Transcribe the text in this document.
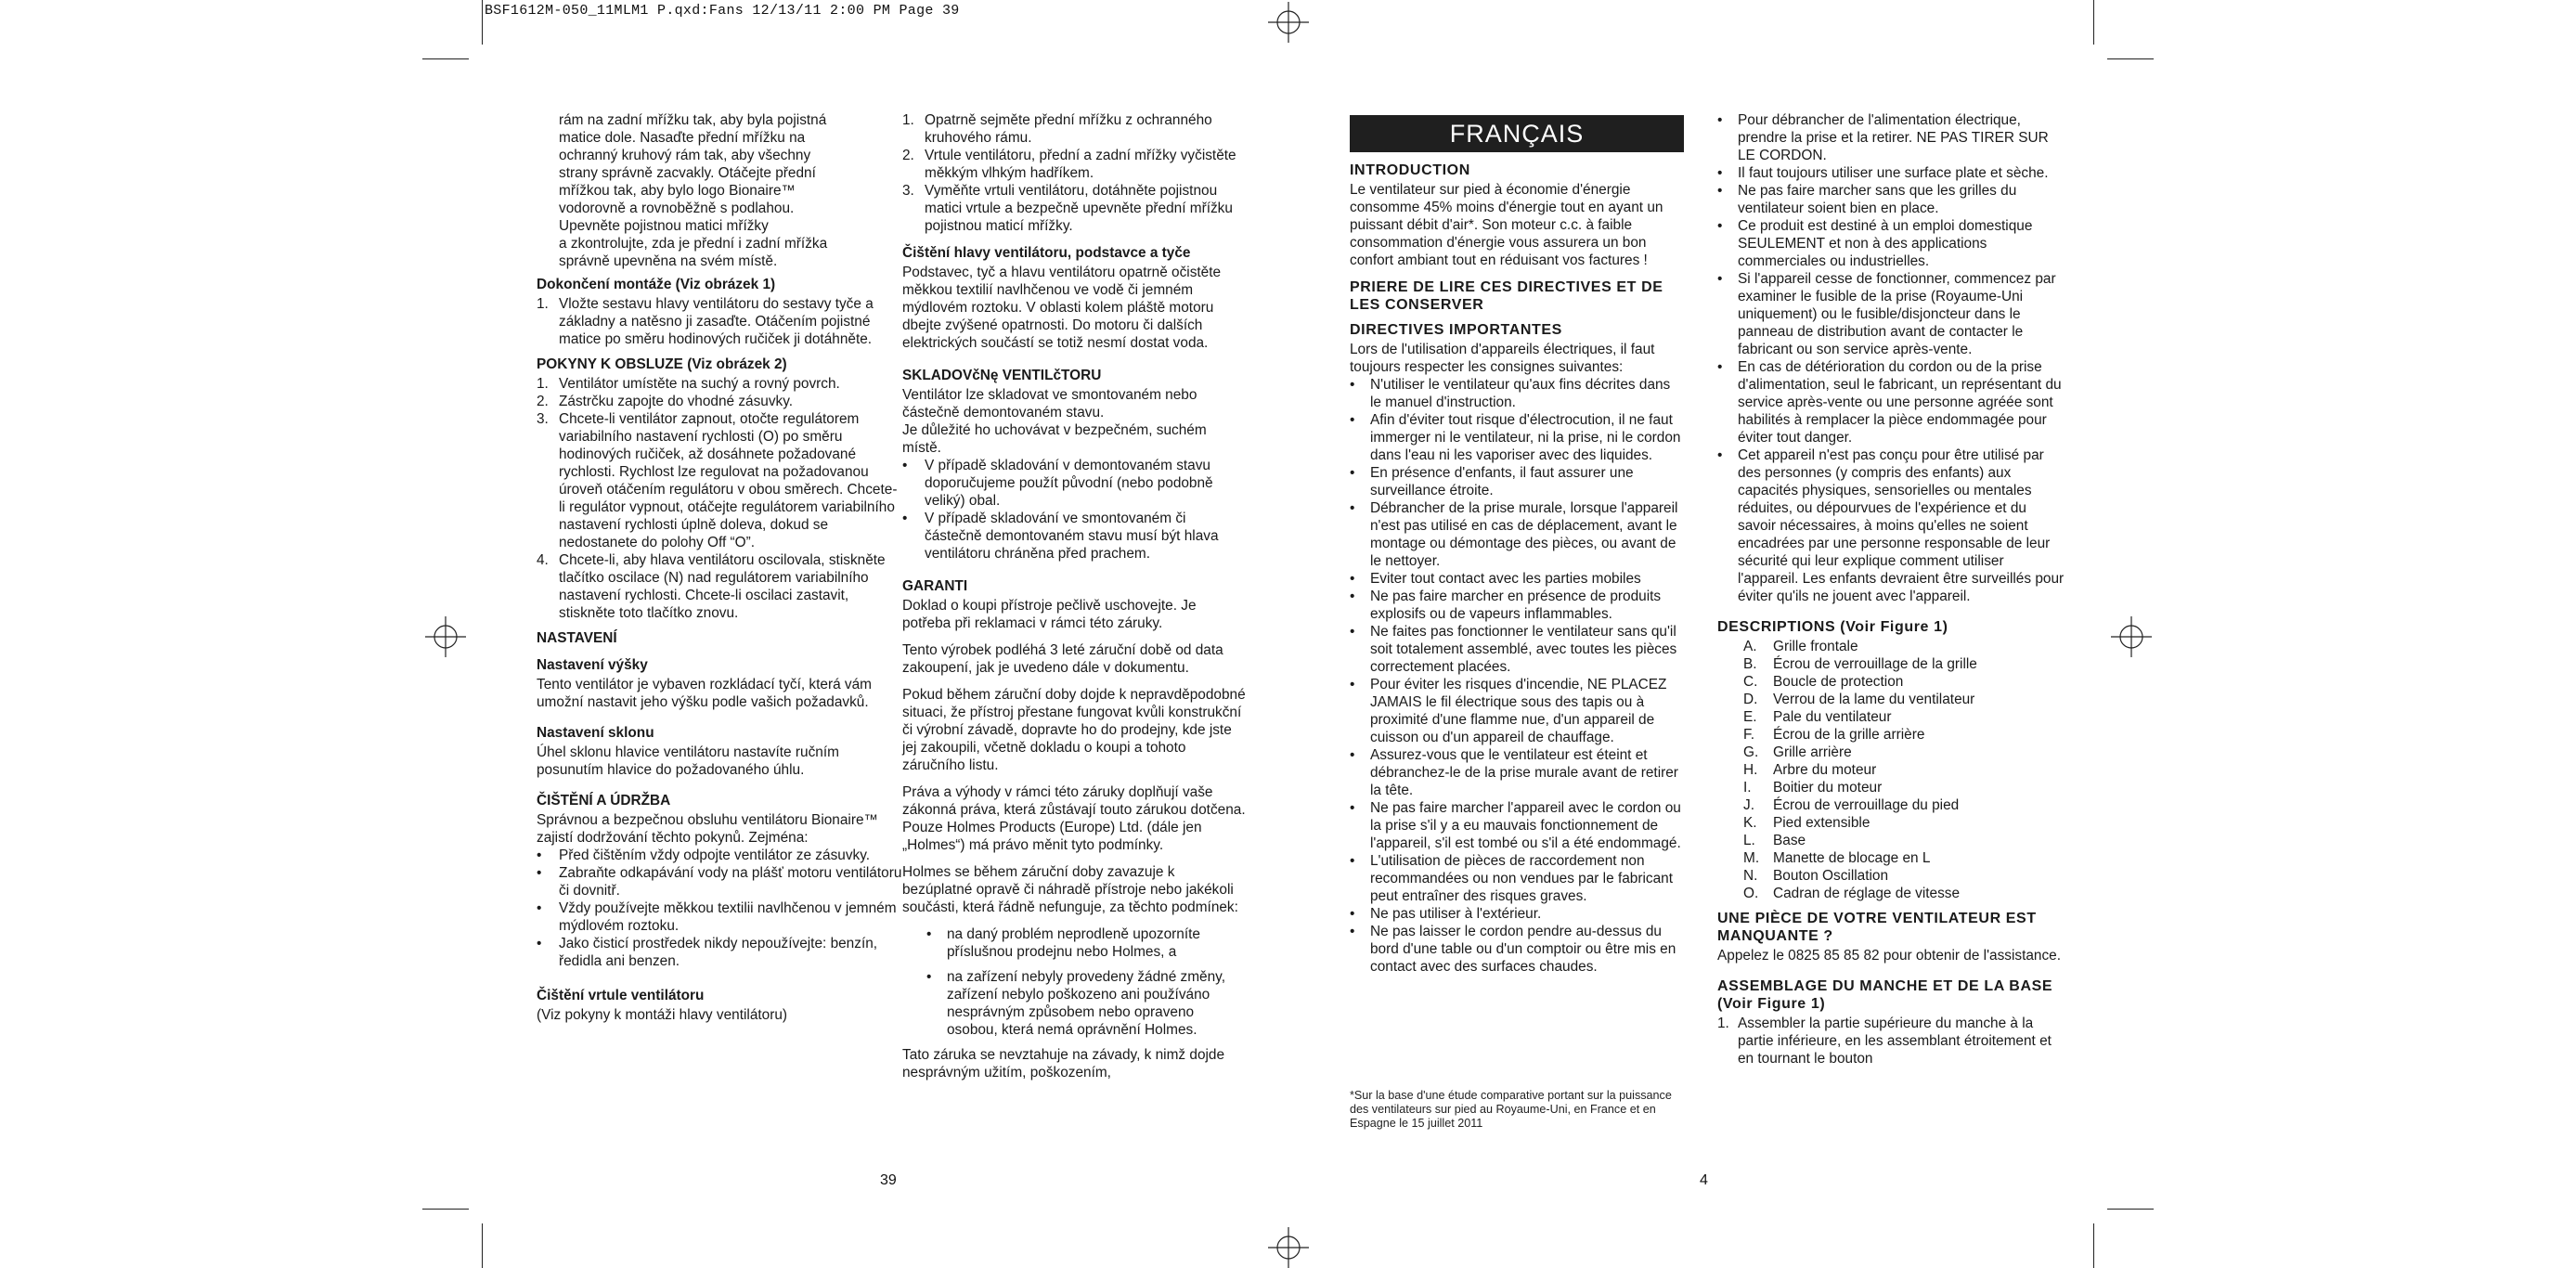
BSF1612M-050_11MLM1 P.qxd:Fans 12/13/11 2:00 PM Page 39

rám na zadní mřížku tak, aby byla pojistná
matice dole. Nasaďte přední mřížku na
ochranný kruhový rám tak, aby všechny
strany správně zacvakly. Otáčejte přední
mřížkou tak, aby bylo logo Bionaire™
vodorovně a rovnoběžně s podlahou.
Upevněte pojistnou matici mřížky
a zkontrolujte, zda je přední i zadní mřížka
správně upevněna na svém místě.

Dokončení montáže (Viz obrázek 1)
1. Vložte sestavu hlavy ventilátoru do sestavy tyče a základny a natěsno ji zasaďte. Otáčením pojistné matice po směru hodinových ručiček ji dotáhněte.
POKYNY K OBSLUZE (Viz obrázek 2)
1. Ventilátor umístěte na suchý a rovný povrch.
2. Zástrčku zapojte do vhodné zásuvky.
3. Chcete-li ventilátor zapnout, otočte regulátorem variabilního nastavení rychlosti (O) po směru hodinových ručiček, až dosáhnete požadované rychlosti. Rychlost lze regulovat na požadovanou úroveň otáčením regulátoru v obou směrech. Chcete-li regulátor vypnout, otáčejte regulátorem variabilního nastavení rychlosti úplně doleva, dokud se nedostanete do polohy Off “O”.
4. Chcete-li, aby hlava ventilátoru oscilovala, stiskněte tlačítko oscilace (N) nad regulátorem variabilního nastavení rychlosti. Chcete-li oscilaci zastavit, stiskněte toto tlačítko znovu.
NASTAVENÍ
Nastavení výšky

Tento ventilátor je vybaven rozkládací tyčí, která vám umožní nastavit jeho výšku podle vašich požadavků.

Nastavení sklonu

Úhel sklonu hlavice ventilátoru nastavíte ručním posunutím hlavice do požadovaného úhlu.

ČIŠTĚNÍ A ÚDRŽBA

Správnou a bezpečnou obsluhu ventilátoru Bionaire™ zajistí dodržování těchto pokynů. Zejména:

• Před čištěním vždy odpojte ventilátor ze zásuvky.
• Zabraňte odkapávání vody na plášť motoru ventilátoru či dovnitř.
• Vždy používejte měkkou textilii navlhčenou v jemném mýdlovém roztoku.
• Jako čisticí prostředek nikdy nepoužívejte: benzín, ředidla ani benzen.
Čištění vrtule ventilátoru

(Viz pokyny k montáži hlavy ventilátoru)

1. Opatrně sejměte přední mřížku z ochranného kruhového rámu.
2. Vrtule ventilátoru, přední a zadní mřížky vyčistěte měkkým vlhkým hadříkem.
3. Vyměňte vrtuli ventilátoru, dotáhněte pojistnou matici vrtule a bezpečně upevněte přední mřížku pojistnou maticí mřížky.
Čištění hlavy ventilátoru, podstavce a tyče

Podstavec, tyč a hlavu ventilátoru opatrně očistěte měkkou textilií navlhčenou ve vodě či jemném mýdlovém roztoku. V oblasti kolem pláště motoru dbejte zvýšené opatrnosti. Do motoru či dalších elektrických součástí se totiž nesmí dostat voda.

SKLADOVčNę VENTILčTORU

Ventilátor lze skladovat ve smontovaném nebo částečně demontovaném stavu.

Je důležité ho uchovávat v bezpečném, suchém místě.

• V případě skladování v demontovaném stavu doporučujeme použít původní (nebo podobně veliký) obal.
• V případě skladování ve smontovaném či částečně demontovaném stavu musí být hlava ventilátoru chráněna před prachem.
GARANTI

Doklad o koupi přístroje pečlivě uschovejte. Je potřeba při reklamaci v rámci této záruky.

Tento výrobek podléhá 3 leté záruční době od data zakoupení, jak je uvedeno dále v dokumentu.

Pokud během záruční doby dojde k nepravděpodobné situaci, že přístroj přestane fungovat kvůli konstrukční či výrobní závadě, dopravte ho do prodejny, kde jste jej zakoupili, včetně dokladu o koupi a tohoto záručního listu.

Práva a výhody v rámci této záruky doplňují vaše zákonná práva, která zůstávají touto zárukou dotčena. Pouze Holmes Products (Europe) Ltd. (dále jen „Holmes“) má právo měnit tyto podmínky.

Holmes se během záruční doby zavazuje k bezúplatné opravě či náhradě přístroje nebo jakékoli součásti, která řádně nefunguje, za těchto podmínek:

• na daný problém neprodleně upozorníte příslušnou prodejnu nebo Holmes, a
• na zařízení nebyly provedeny žádné změny, zařízení nebylo poškozeno ani používáno nesprávným způsobem nebo opraveno osobou, která nemá oprávnění Holmes.

Tato záruka se nevztahuje na závady, k nimž dojde nesprávným užitím, poškozením,

FRANÇAIS
INTRODUCTION

Le ventilateur sur pied à économie d'énergie consomme 45% moins d'énergie tout en ayant un puissant débit d'air*. Son moteur c.c. à faible consommation d'énergie vous assurera un bon confort ambiant tout en réduisant vos factures !

PRIERE DE LIRE CES DIRECTIVES ET DE LES CONSERVER
DIRECTIVES IMPORTANTES

Lors de l'utilisation d'appareils électriques, il faut toujours respecter les consignes suivantes:

• N'utiliser le ventilateur qu'aux fins décrites dans le manuel d'instruction.
• Afin d'éviter tout risque d'électrocution, il ne faut immerger ni le ventilateur, ni la prise, ni le cordon dans l'eau ni les vaporiser avec des liquides.
• En présence d'enfants, il faut assurer une surveillance étroite.
• Débrancher de la prise murale, lorsque l'appareil n'est pas utilisé en cas de déplacement, avant le montage ou démontage des pièces, ou avant de le nettoyer.
• Eviter tout contact avec les parties mobiles
• Ne pas faire marcher en présence de produits explosifs ou de vapeurs inflammables.
• Ne faites pas fonctionner le ventilateur sans qu'il soit totalement assemblé, avec toutes les pièces correctement placées.
• Pour éviter les risques d'incendie, NE PLACEZ JAMAIS le fil électrique sous des tapis ou à proximité d'une flamme nue, d'un appareil de cuisson ou d'un appareil de chauffage.
• Assurez-vous que le ventilateur est éteint et débranchez-le de la prise murale avant de retirer la tête.
• Ne pas faire marcher l'appareil avec le cordon ou la prise s'il y a eu mauvais fonctionnement de l'appareil, s'il est tombé ou s'il a été endommagé.
• L'utilisation de pièces de raccordement non recommandées ou non vendues par le fabricant peut entraîner des risques graves.
• Ne pas utiliser à l'extérieur.
• Ne pas laisser le cordon pendre au-dessus du bord d'une table ou d'un comptoir ou être mis en contact avec des surfaces chaudes.
*Sur la base d'une étude comparative portant sur la puissance des ventilateurs sur pied au Royaume-Uni, en France et en Espagne le 15 juillet 2011
• Pour débrancher de l'alimentation électrique, prendre la prise et la retirer. NE PAS TIRER SUR LE CORDON.
• Il faut toujours utiliser une surface plate et sèche.
• Ne pas faire marcher sans que les grilles du ventilateur soient bien en place.
• Ce produit est destiné à un emploi domestique SEULEMENT et non à des applications commerciales ou industrielles.
• Si l'appareil cesse de fonctionner, commencez par examiner le fusible de la prise (Royaume-Uni uniquement) ou le fusible/disjoncteur dans le panneau de distribution avant de contacter le fabricant ou son service après-vente.
• En cas de détérioration du cordon ou de la prise d'alimentation, seul le fabricant, un représentant du service après-vente ou une personne agréée sont habilités à remplacer la pièce endommagée pour éviter tout danger.
• Cet appareil n'est pas conçu pour être utilisé par des personnes (y compris des enfants) aux capacités physiques, sensorielles ou mentales réduites, ou dépourvues de l'expérience et du savoir nécessaires, à moins qu'elles ne soient encadrées par une personne responsable de leur sécurité qui leur explique comment utiliser l'appareil. Les enfants devraient être surveillés pour éviter qu'ils ne jouent avec l'appareil.
DESCRIPTIONS (Voir Figure 1)
A. Grille frontale
B. Écrou de verrouillage de la grille
C. Boucle de protection
D. Verrou de la lame du ventilateur
E. Pale du ventilateur
F. Écrou de la grille arrière
G. Grille arrière
H. Arbre du moteur
I. Boitier du moteur
J. Écrou de verrouillage du pied
K. Pied extensible
L. Base
M. Manette de blocage en L
N. Bouton Oscillation
O. Cadran de réglage de vitesse
UNE PIÈCE DE VOTRE VENTILATEUR EST MANQUANTE ?

Appelez le 0825 85 85 82 pour obtenir de l'assistance.

ASSEMBLAGE DU MANCHE ET DE LA BASE (Voir Figure 1)
1. Assembler la partie supérieure du manche à la partie inférieure, en les assemblant étroitement et en tournant le bouton
39	4
